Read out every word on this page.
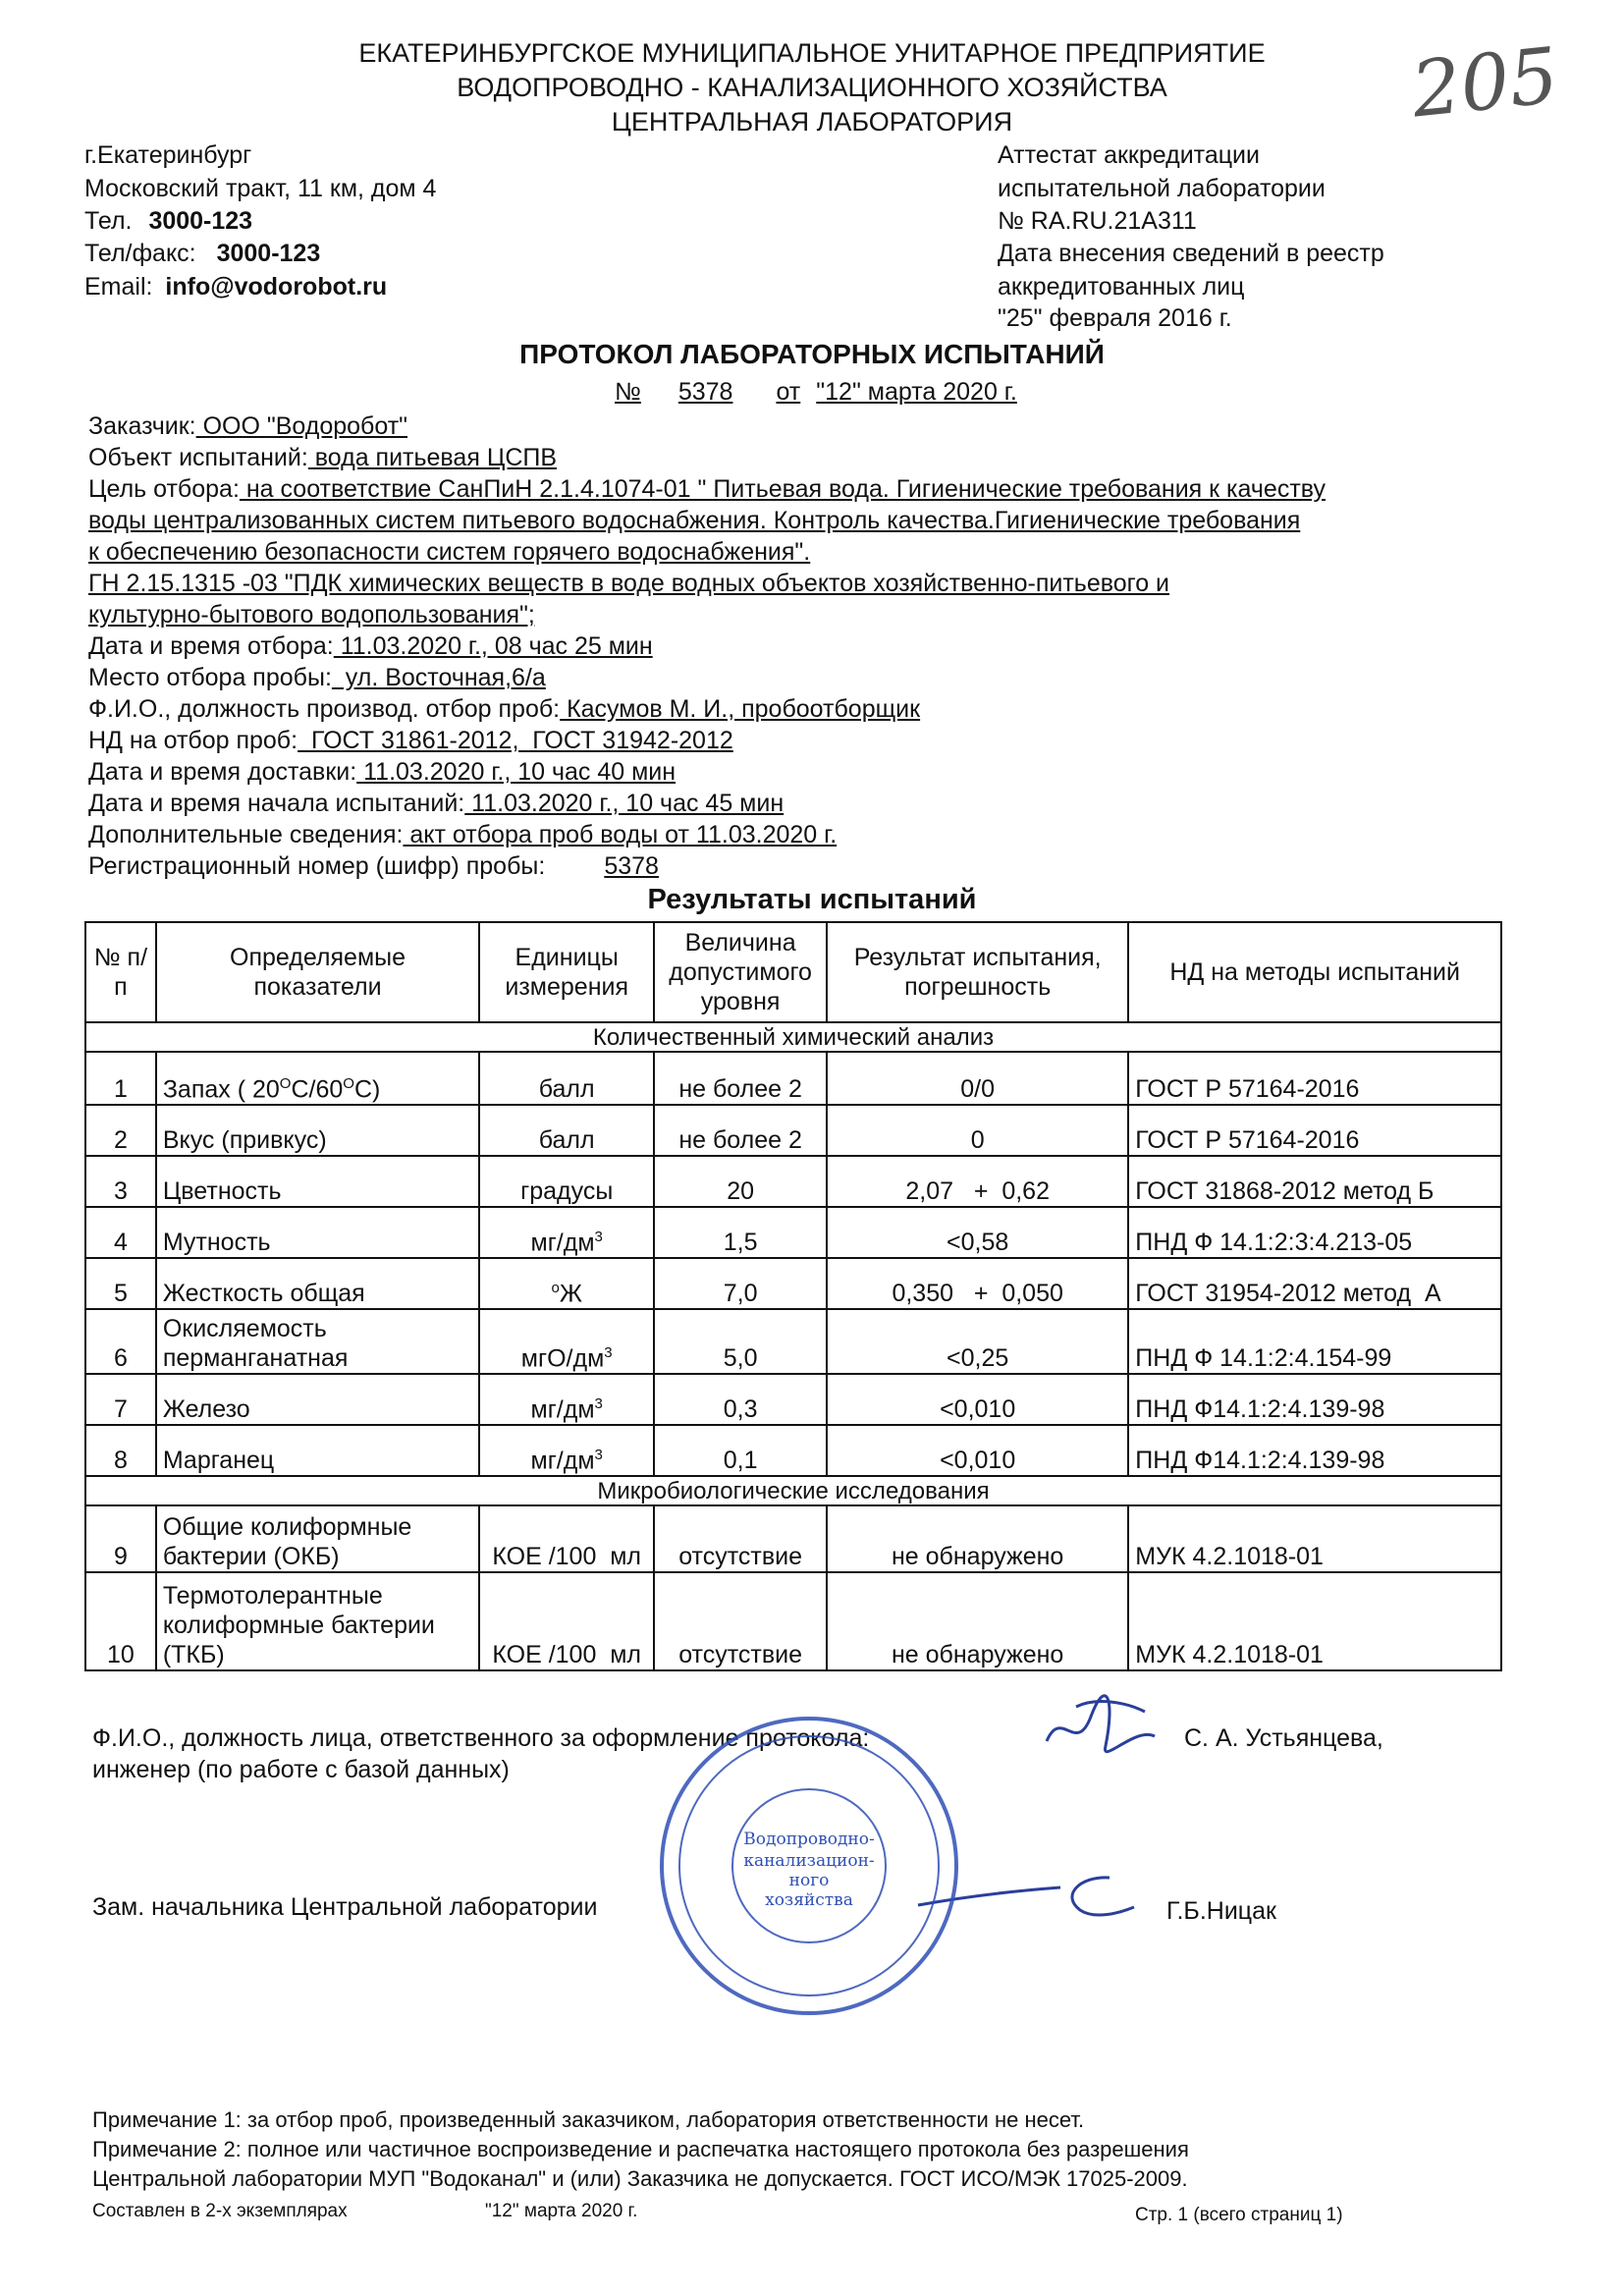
ЕКАТЕРИНБУРГСКОЕ МУНИЦИПАЛЬНОЕ УНИТАРНОЕ ПРЕДПРИЯТИЕ
ВОДОПРОВОДНО - КАНАЛИЗАЦИОННОГО ХОЗЯЙСТВА
ЦЕНТРАЛЬНАЯ ЛАБОРАТОРИЯ	205
г.Екатеринбург
Московский тракт, 11 км, дом 4
Тел. 3000-123
Тел/факс: 3000-123
Email: info@vodorobot.ru
Аттестат аккредитации
испытательной лаборатории
№ RA.RU.21A311
Дата внесения сведений в реестр
аккредитованных лиц
"25" февраля 2016 г.
ПРОТОКОЛ ЛАБОРАТОРНЫХ ИСПЫТАНИЙ
№ 5378 от "12" марта 2020 г.
Заказчик: ООО "Водоробот"
Объект испытаний: вода питьевая ЦСПВ
Цель отбора: на соответствие СанПиН 2.1.4.1074-01 " Питьевая вода. Гигиенические требования к качеству
воды централизованных систем питьевого водоснабжения. Контроль качества.Гигиенические требования
к обеспечению безопасности систем горячего водоснабжения".
ГН 2.15.1315 -03 "ПДК химических веществ в воде водных объектов хозяйственно-питьевого и
культурно-бытового водопользования";
Дата и время отбора: 11.03.2020 г., 08 час 25 мин
Место отбора пробы:  ул. Восточная,6/а
Ф.И.О., должность производ. отбор проб: Касумов М. И., пробоотборщик
НД на отбор проб:  ГОСТ 31861-2012,  ГОСТ 31942-2012
Дата и время доставки: 11.03.2020 г., 10 час 40 мин
Дата и время начала испытаний: 11.03.2020 г., 10 час 45 мин
Дополнительные сведения: акт отбора проб воды от 11.03.2020 г.
Регистрационный номер (шифр) пробы: 5378
Результаты испытаний
№ п/п	Определяемые показатели	Единицы измерения	Величина допустимого уровня	Результат испытания, погрешность	НД на методы испытаний
Количественный химический анализ					
1	Запах ( $20^ОС/60^ОС$)	балл	не более 2	0/0	ГОСТ Р 57164-2016
2	Вкус (привкус)	балл	не более 2	0	ГОСТ Р 57164-2016
3	Цветность	градусы	20	2,07   +  0,62	ГОСТ 31868-2012 метод Б
4	Мутность	$мг/дм^3$	1,5	<0,58	ПНД Ф 14.1:2:3:4.213-05
5	Жесткость общая	$^о$Ж	7,0	0,350   +  0,050	ГОСТ 31954-2012 метод  А
6	Окисляемость
перманганатная	мгО/$дм^3$	5,0	<0,25	ПНД Ф 14.1:2:4.154-99
7	Железо	$мг/дм^3$	0,3	<0,010	ПНД Ф14.1:2:4.139-98
8	Марганец	$мг/дм^3$	0,1	<0,010	ПНД Ф14.1:2:4.139-98
Микробиологические исследования					
9	Общие колиформные
бактерии (ОКБ)	КОЕ /100  мл	отсутствие	не обнаружено	МУК 4.2.1018-01
10	Термотолерантные
колиформные бактерии
(ТКБ)	КОЕ /100  мл	отсутствие	не обнаружено	МУК 4.2.1018-01
Ф.И.О., должность лица, ответственного за оформление протокола:
инженер (по работе с базой данных)
С. А. Устьянцева,
Зам. начальника Центральной лаборатории	Г.Б.Ницак
Водопроводно-
канализацион-
ного
хозяйства
Примечание 1: за отбор проб, произведенный заказчиком, лаборатория ответственности не несет.
Примечание 2: полное или частичное воспроизведение и распечатка настоящего протокола без разрешения
Центральной лаборатории МУП "Водоканал" и (или) Заказчика не допускается. ГОСТ ИСО/МЭК 17025-2009.
Составлен в 2-х экземплярах	"12" марта 2020 г.	Стр. 1 (всего страниц 1)
